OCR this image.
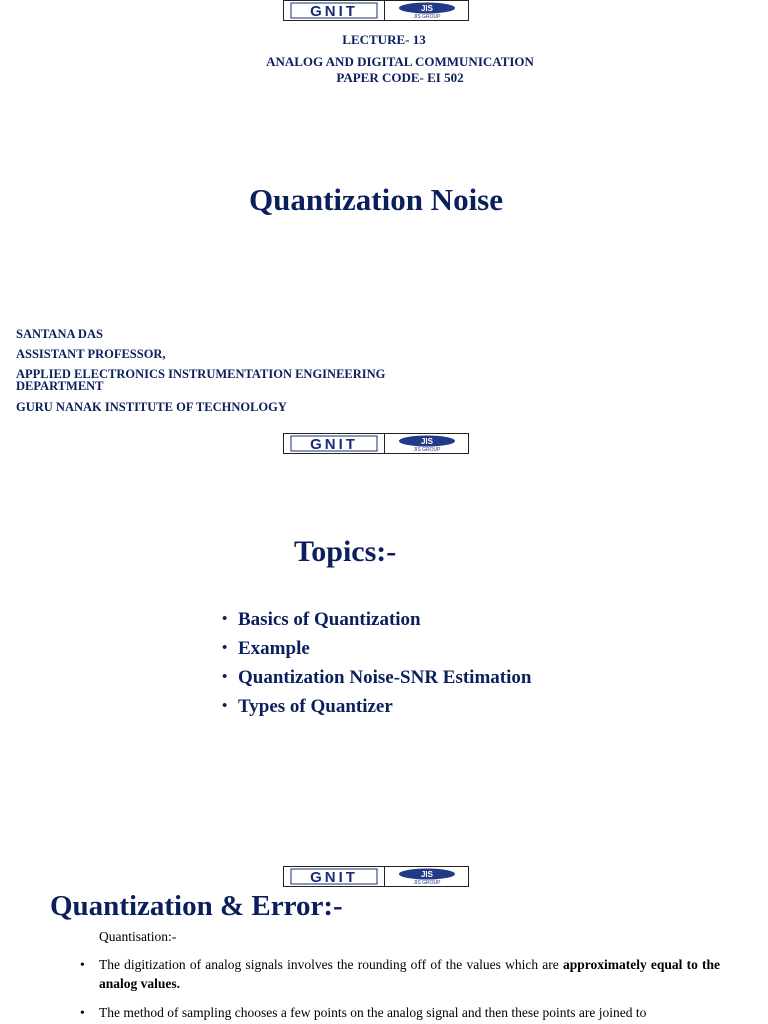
GNIT	JIS
JIS GROUP
LECTURE- 13
ANALOG AND DIGITAL COMMUNICATION
PAPER CODE- EI 502
Quantization Noise
SANTANA DAS
ASSISTANT PROFESSOR,
APPLIED ELECTRONICS INSTRUMENTATION ENGINEERING
DEPARTMENT
GURU NANAK INSTITUTE OF TECHNOLOGY
GNIT	JIS
JIS GROUP
Topics:-
• Basics of Quantization
• Example
• Quantization Noise-SNR Estimation
• Types of Quantizer
GNIT	JIS
JIS GROUP
Quantization & Error:-
Quantisation:-
•	The digitization of analog signals involves the rounding off of the values which are approximately equal to the analog values.
•	The method of sampling chooses a few points on the analog signal and then these points are joined to
